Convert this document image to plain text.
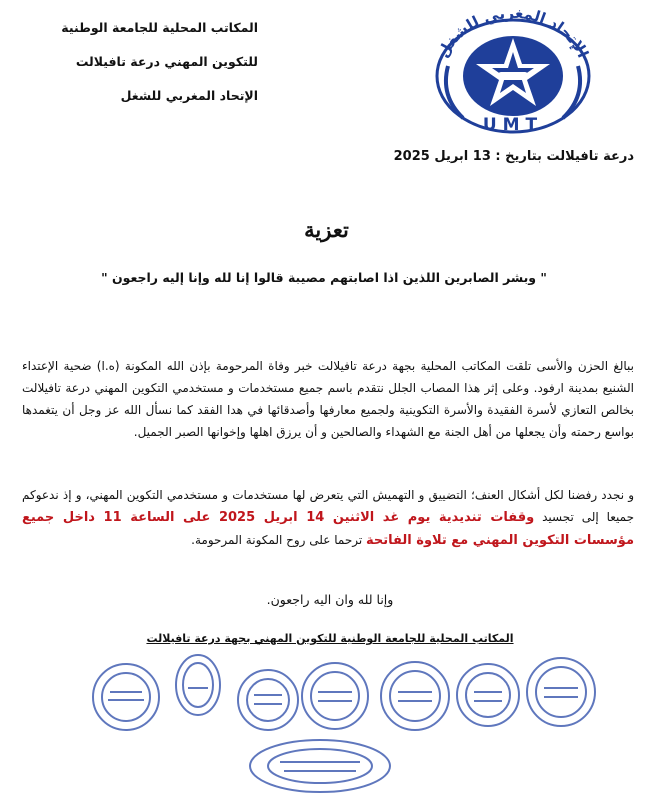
الإتحاد المغربي للشغل
UMT
المكاتب المحلية للجامعة الوطنية
للتكوين المهني درعة تافيلالت
الإتحاد المغربي للشغل
درعة تافيلالت بتاريخ : 13 ابريل 2025
تعزية
" وبشر الصابرين اللذين اذا اصابتهم مصيبة قالوا إنا لله وإنا إليه راجعون "
ببالغ الحزن والأسى تلقت المكاتب المحلية بجهة درعة تافيلالت خبر وفاة المرحومة بإذن الله المكونة (ه.ا) ضحية الإعتداء الشنيع بمدينة ارفود. وعلى إثر هذا المصاب الجلل نتقدم باسم جميع مستخدمات و مستخدمي التكوين المهني درعة تافيلالت بخالص التعازي لأسرة الفقيدة والأسرة التكوينية ولجميع معارفها وأصدقائها في هدا الفقد كما نسأل الله عز وجل أن يتغمدها بواسع رحمته وأن يجعلها من أهل الجنة مع الشهداء والصالحين و أن يرزق اهلها وإخوانها الصبر الجميل.
و نجدد رفضنا لكل أشكال العنف؛ التضييق و التهميش التي يتعرض لها مستخدمات و مستخدمي التكوين المهني، و إذ ندعوكم جميعا إلى تجسيد وقفات تنديدية يوم غد الاثنين 14 ابريل 2025 على الساعة 11 داخل جميع مؤسسات التكوين المهني مع تلاوة الفاتحة ترحما على روح المكونة المرحومة.
وإنا لله وان اليه راجعون.
المكاتب المحلية للجامعة الوطنية للتكوين المهني بجهة درعة تافيلالت
